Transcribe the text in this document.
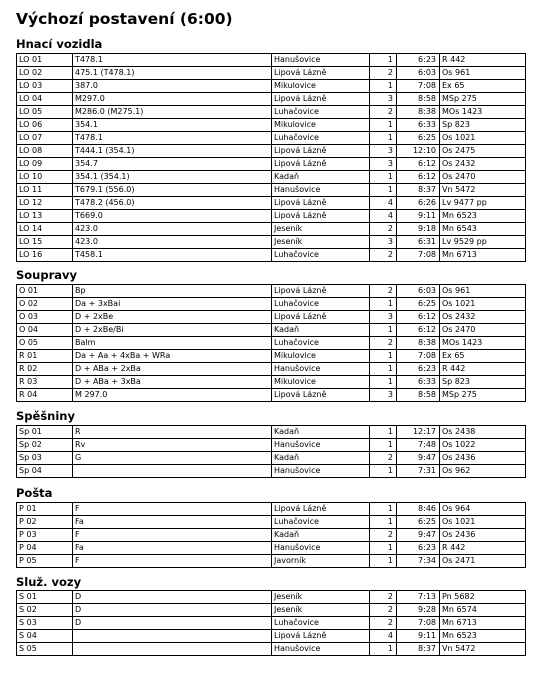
Výchozí postavení (6:00)
Hnací vozidla
LO 01	T478.1	Hanušovice	1	6:23	R 442
LO 02	475.1 (T478.1)	Lipová Lázně	2	6:03	Os 961
LO 03	387.0	Mikulovice	1	7:08	Ex 65
LO 04	M297.0	Lipová Lázně	3	8:58	MSp 275
LO 05	M286.0 (M275.1)	Luhačovice	2	8:38	MOs 1423
LO 06	354.1	Mikulovice	1	6:33	Sp 823
LO 07	T478.1	Luhačovice	1	6:25	Os 1021
LO 08	T444.1 (354.1)	Lipová Lázně	3	12:10	Os 2475
LO 09	354.7	Lipová Lázně	3	6:12	Os 2432
LO 10	354.1 (354.1)	Kadaň	1	6:12	Os 2470
LO 11	T679.1 (556.0)	Hanušovice	1	8:37	Vn 5472
LO 12	T478.2 (456.0)	Lipová Lázně	4	6:26	Lv 9477 pp
LO 13	T669.0	Lipová Lázně	4	9:11	Mn 6523
LO 14	423.0	Jeseník	2	9:18	Mn 6543
LO 15	423.0	Jeseník	3	6:31	Lv 9529 pp
LO 16	T458.1	Luhačovice	2	7:08	Mn 6713
Soupravy
O 01	Bp	Lipová Lázně	2	6:03	Os 961
O 02	Da + 3xBai	Luhačovice	1	6:25	Os 1021
O 03	D + 2xBe	Lipová Lázně	3	6:12	Os 2432
O 04	D + 2xBe/Bi	Kadaň	1	6:12	Os 2470
O 05	Balm	Luhačovice	2	8:38	MOs 1423
R 01	Da + Aa + 4xBa + WRa	Mikulovice	1	7:08	Ex 65
R 02	D + ABa + 2xBa	Hanušovice	1	6:23	R 442
R 03	D + ABa + 3xBa	Mikulovice	1	6:33	Sp 823
R 04	M 297.0	Lipová Lázně	3	8:58	MSp 275
Spěšniny
Sp 01	R	Kadaň	1	12:17	Os 2438
Sp 02	Rv	Hanušovice	1	7:48	Os 1022
Sp 03	G	Kadaň	2	9:47	Os 2436
Sp 04		Hanušovice	1	7:31	Os 962
Pošta
P 01	F	Lipová Lázně	1	8:46	Os 964
P 02	Fa	Luhačovice	1	6:25	Os 1021
P 03	F	Kadaň	2	9:47	Os 2436
P 04	Fa	Hanušovice	1	6:23	R 442
P 05	F	Javorník	1	7:34	Os 2471
Služ. vozy
S 01	D	Jeseník	2	7:13	Pn 5682
S 02	D	Jeseník	2	9:28	Mn 6574
S 03	D	Luhačovice	2	7:08	Mn 6713
S 04		Lipová Lázně	4	9:11	Mn 6523
S 05		Hanušovice	1	8:37	Vn 5472
